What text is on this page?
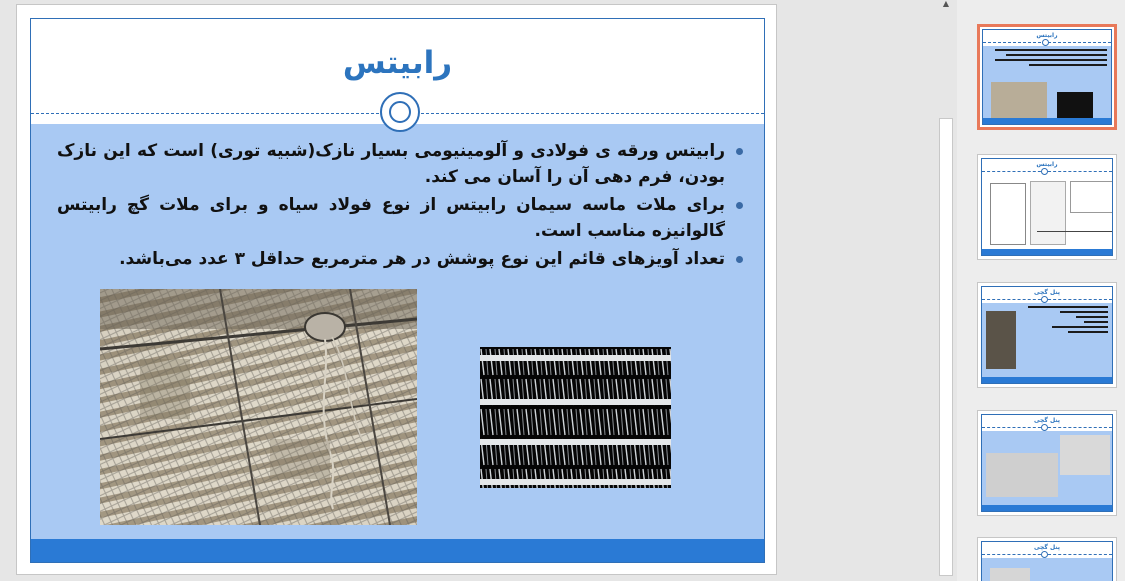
رابیتس
رابیتس ورقه ی فولادی و آلومینیومی بسیار نازک(شبیه توری) است که این نازک بودن، فرم دهی آن را آسان می کند.
برای ملات ماسه سیمان رابیتس از نوع فولاد سیاه و برای ملات گچ رابیتس گالوانیزه مناسب است.
تعداد آویزهای قائم این نوع پوشش در هر مترمربع حداقل ۳ عدد می‌باشد.
▲
رابیتس
رابیتس
پنل گچی
پنل گچی
پنل گچی
